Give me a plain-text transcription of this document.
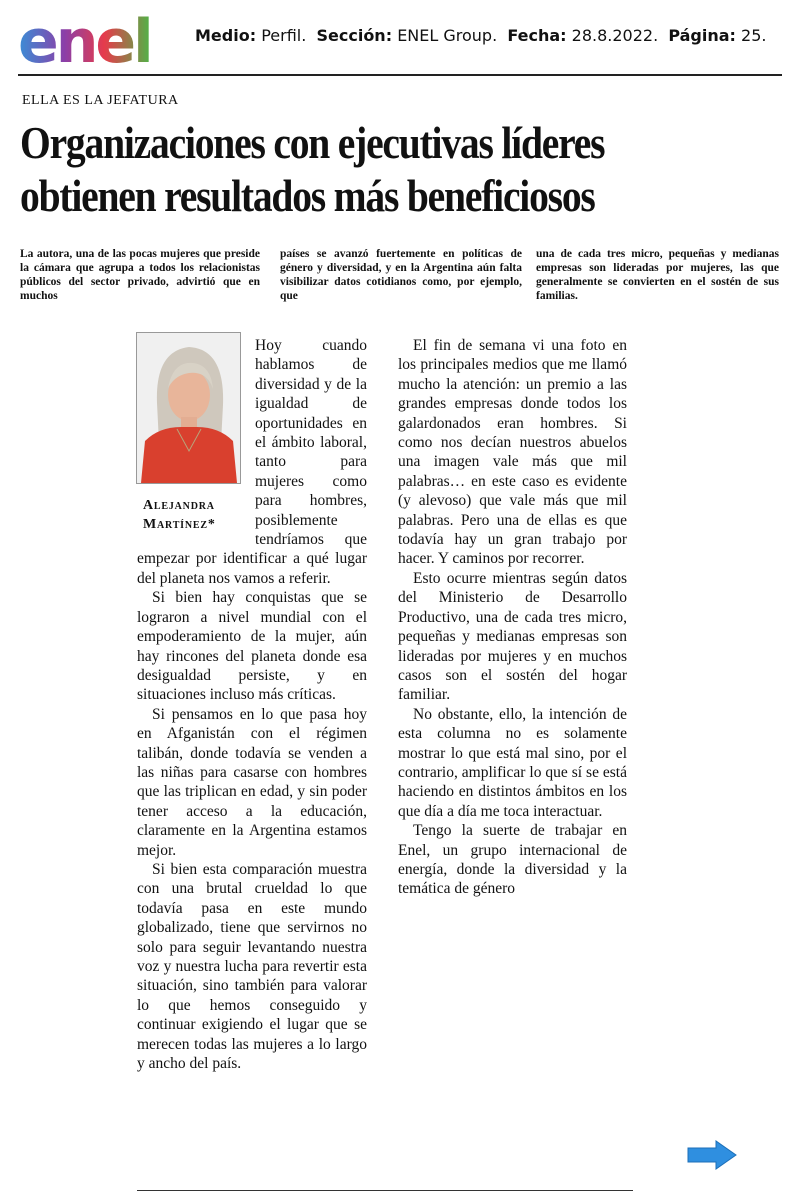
enel	Medio: Perfil. Sección: ENEL Group. Fecha: 28.8.2022. Página: 25.
ELLA ES LA JEFATURA
Organizaciones con ejecutivas líderes
obtienen resultados más beneficiosos

La autora, una de las pocas mujeres que preside la cámara que agrupa a todos los relacionistas públicos del sector privado, advirtió que en muchos

países se avanzó fuertemente en políticas de género y diversidad, y en la Argentina aún falta visibilizar datos cotidianos como, por ejemplo, que

una de cada tres micro, pequeñas y medianas empresas son lideradas por mujeres, las que generalmente se convierten en el sostén de sus familias.

Alejandra
Martínez*

Hoy cuando hablamos de diversidad y de la igualdad de oportunidades en el ámbito laboral, tanto para mujeres como para hombres, posiblemente tendríamos que empezar por identificar a qué lugar del planeta nos vamos a referir.

Si bien hay conquistas que se lograron a nivel mundial con el empoderamiento de la mujer, aún hay rincones del planeta donde esa desigualdad persiste, y en situaciones incluso más críticas.

Si pensamos en lo que pasa hoy en Afganistán con el régimen talibán, donde todavía se venden a las niñas para casarse con hombres que las triplican en edad, y sin poder tener acceso a la educación, claramente en la Argentina estamos mejor.

Si bien esta comparación muestra con una brutal crueldad lo que todavía pasa en este mundo globalizado, tiene que servirnos no solo para seguir levantando nuestra voz y nuestra lucha para revertir esta situación, sino también para valorar lo que hemos conseguido y continuar exigiendo el lugar que se merecen todas las mujeres a lo largo y ancho del país.

El fin de semana vi una foto en los principales medios que me llamó mucho la atención: un premio a las grandes empresas donde todos los galardonados eran hombres. Si como nos decían nuestros abuelos una imagen vale más que mil palabras… en este caso es evidente (y alevoso) que vale más que mil palabras. Pero una de ellas es que todavía hay un gran trabajo por hacer. Y caminos por recorrer.

Esto ocurre mientras según datos del Ministerio de Desarrollo Productivo, una de cada tres micro, pequeñas y medianas empresas son lideradas por mujeres y en muchos casos son el sostén del hogar familiar.

No obstante, ello, la intención de esta columna no es solamente mostrar lo que está mal sino, por el contrario, amplificar lo que sí se está haciendo en distintos ámbitos en los que día a día me toca interactuar.

Tengo la suerte de trabajar en Enel, un grupo internacional de energía, donde la diversidad y la temática de género
